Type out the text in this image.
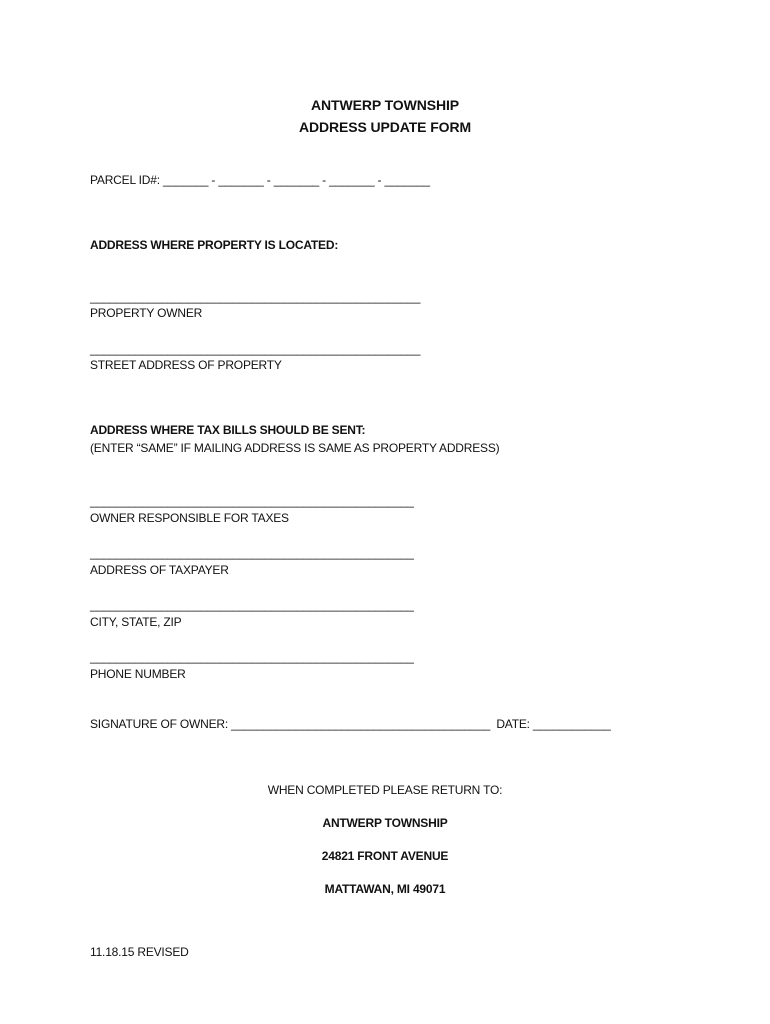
ANTWERP TOWNSHIP
ADDRESS UPDATE FORM
PARCEL ID#: _______ - _______ - _______ - _______ - _______
ADDRESS WHERE PROPERTY IS LOCATED:
___________________________________________________
PROPERTY OWNER
___________________________________________________
STREET ADDRESS OF PROPERTY
ADDRESS WHERE TAX BILLS SHOULD BE SENT:
(ENTER “SAME” IF MAILING ADDRESS IS SAME AS PROPERTY ADDRESS)
__________________________________________________
OWNER RESPONSIBLE FOR TAXES
__________________________________________________
ADDRESS OF TAXPAYER
__________________________________________________
CITY, STATE, ZIP
__________________________________________________
PHONE NUMBER
SIGNATURE OF OWNER: ________________________________________  DATE: ____________
WHEN COMPLETED PLEASE RETURN TO:
ANTWERP TOWNSHIP
24821 FRONT AVENUE
MATTAWAN, MI 49071
11.18.15 REVISED
